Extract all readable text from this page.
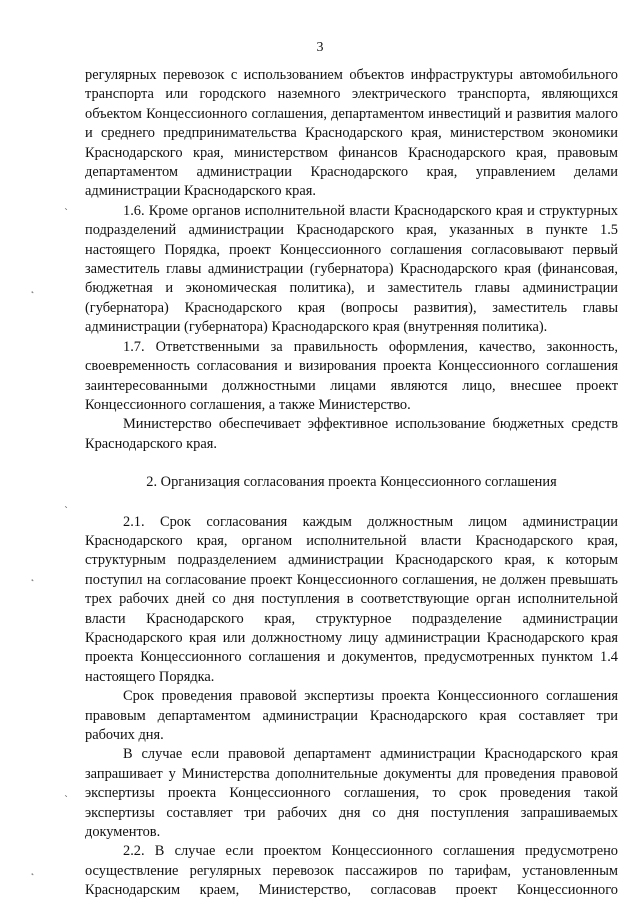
3
`
˛
`
˛
`
˛

регулярных перевозок с использованием объектов инфраструктуры автомобильного транспорта или городского наземного электрического транспорта, являющихся объектом Концессионного соглашения, департаментом инвестиций и развития малого и среднего предпринимательства Краснодарского края, министерством экономики Краснодарского края, министерством финансов Краснодарского края, правовым департаментом администрации Краснодарского края, управлением делами администрации Краснодарского края.

1.6. Кроме органов исполнительной власти Краснодарского края и структурных подразделений администрации Краснодарского края, указанных в пункте 1.5 настоящего Порядка, проект Концессионного соглашения согласовывают первый заместитель главы администрации (губернатора) Краснодарского края (финансовая, бюджетная и экономическая политика), и заместитель главы администрации (губернатора) Краснодарского края (вопросы развития), заместитель главы администрации (губернатора) Краснодарского края (внутренняя политика).

1.7. Ответственными за правильность оформления, качество, законность, своевременность согласования и визирования проекта Концессионного соглашения заинтересованными должностными лицами являются лицо, внесшее проект Концессионного соглашения, а также Министерство.

Министерство обеспечивает эффективное использование бюджетных средств Краснодарского края.

2. Организация согласования проекта Концессионного соглашения

2.1. Срок согласования каждым должностным лицом администрации Краснодарского края, органом исполнительной власти Краснодарского края, структурным подразделением администрации Краснодарского края, к которым поступил на согласование проект Концессионного соглашения, не должен превышать трех рабочих дней со дня поступления в соответствующие орган исполнительной власти Краснодарского края, структурное подразделение администрации Краснодарского края или должностному лицу администрации Краснодарского края проекта Концессионного соглашения и документов, предусмотренных пунктом 1.4 настоящего Порядка.

Срок проведения правовой экспертизы проекта Концессионного соглашения правовым департаментом администрации Краснодарского края составляет три рабочих дня.

В случае если правовой департамент администрации Краснодарского края запрашивает у Министерства дополнительные документы для проведения правовой экспертизы проекта Концессионного соглашения, то срок проведения такой экспертизы составляет три рабочих дня со дня поступления запрашиваемых документов.

2.2. В случае если проектом Концессионного соглашения предусмотрено осуществление регулярных перевозок пассажиров по тарифам, установленным Краснодарским краем, Министерство, согласовав проект Концессионного
